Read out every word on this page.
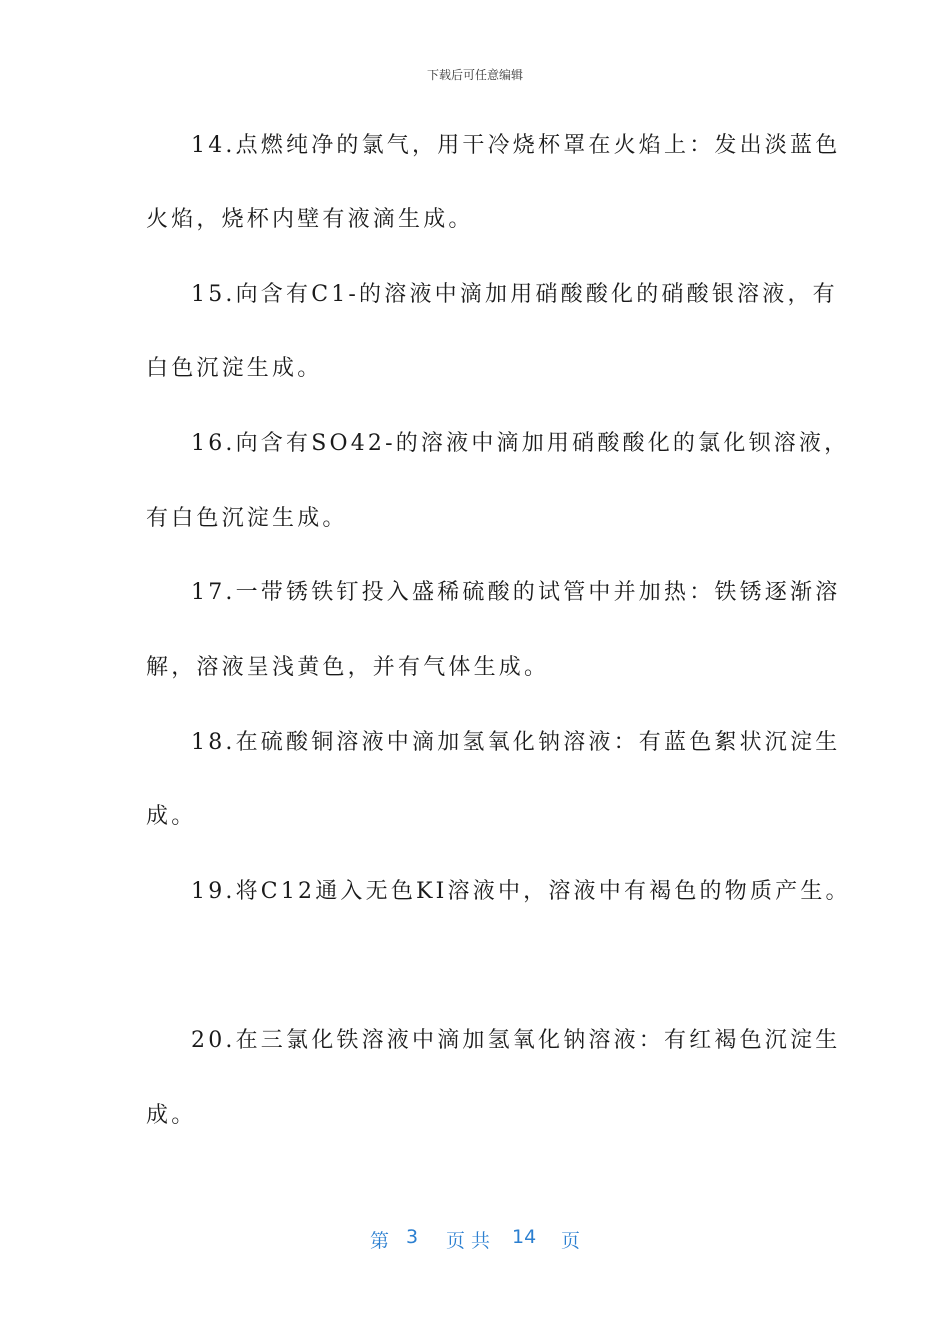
下载后可任意编辑
14.点燃纯净的氯气，用干冷烧杯罩在火焰上：发出淡蓝色
火焰，烧杯内壁有液滴生成。
15.向含有C1-的溶液中滴加用硝酸酸化的硝酸银溶液，有
白色沉淀生成。
16.向含有SO42-的溶液中滴加用硝酸酸化的氯化钡溶液，
有白色沉淀生成。
17.一带锈铁钉投入盛稀硫酸的试管中并加热：铁锈逐渐溶
解，溶液呈浅黄色，并有气体生成。
18.在硫酸铜溶液中滴加氢氧化钠溶液：有蓝色絮状沉淀生
成。
19.将C12通入无色KI溶液中，溶液中有褐色的物质产生。
20.在三氯化铁溶液中滴加氢氧化钠溶液：有红褐色沉淀生
成。
第 3 页 共 14 页
